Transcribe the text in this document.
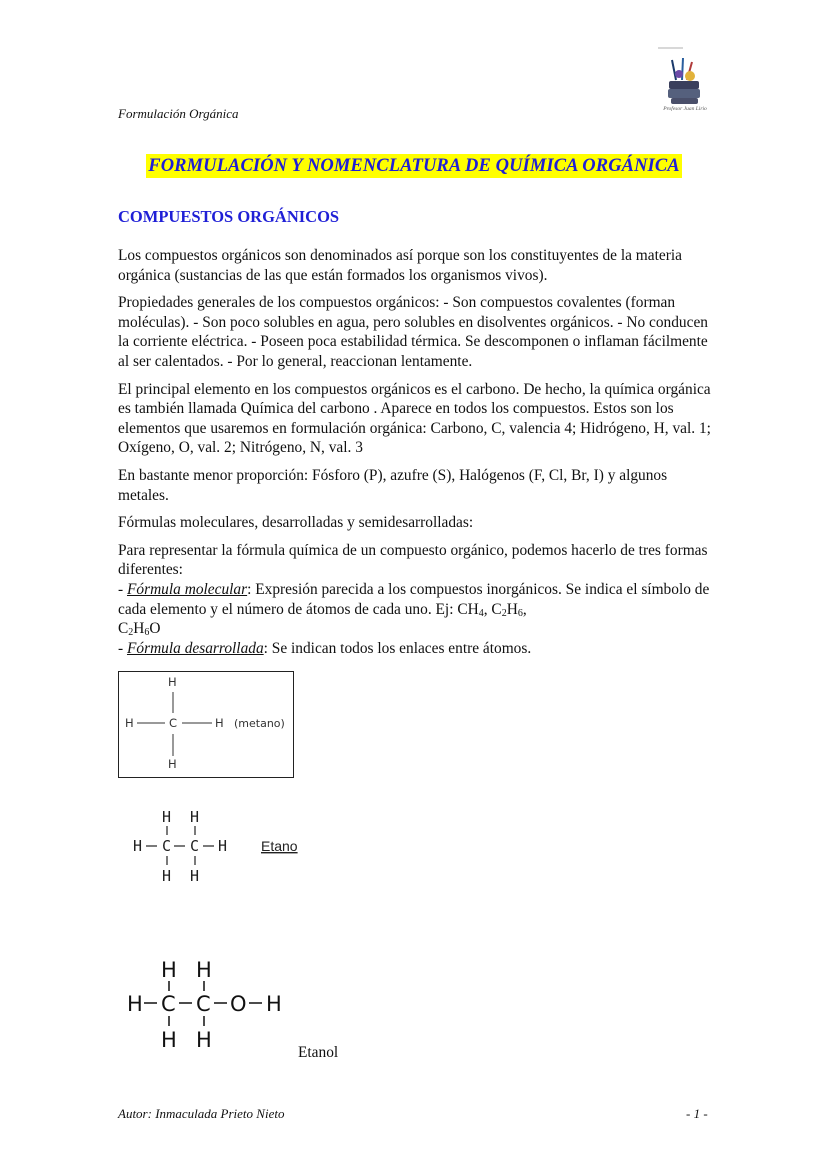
Formulación Orgánica	Profesor Juan Lirio
FORMULACIÓN Y NOMENCLATURA DE QUÍMICA ORGÁNICA
COMPUESTOS ORGÁNICOS

Los compuestos orgánicos son denominados así porque son los constituyentes de la materia orgánica (sustancias de las que están formados los organismos vivos).

Propiedades generales de los compuestos orgánicos: - Son compuestos covalentes (forman moléculas). - Son poco solubles en agua, pero solubles en disolventes orgánicos. - No conducen la corriente eléctrica. - Poseen poca estabilidad térmica. Se descomponen o inflaman fácilmente al ser calentados. - Por lo general, reaccionan lentamente.

El principal elemento en los compuestos orgánicos es el carbono. De hecho, la química orgánica es también llamada Química del carbono . Aparece en todos los compuestos. Estos son los elementos que usaremos en formulación orgánica: Carbono, C, valencia 4; Hidrógeno, H, val. 1; Oxígeno, O, val. 2; Nitrógeno, N, val. 3

En bastante menor proporción: Fósforo (P), azufre (S), Halógenos (F, Cl, Br, I) y algunos metales.

Fórmulas moleculares, desarrolladas y semidesarrolladas:

Para representar la fórmula química de un compuesto orgánico, podemos hacerlo de tres formas diferentes:

- Fórmula molecular: Expresión parecida a los compuestos inorgánicos. Se indica el símbolo de cada elemento y el número de átomos de cada uno. Ej: $CH_4$, $C_2H_6$,
$C_2H_6O$

- Fórmula desarrollada: Se indican todos los enlaces entre átomos.

H
H	C	H
H
(metano)
H H
H C C H
H H
Etano
H H
H C C O H
H H
Etanol
Autor: Inmaculada Prieto Nieto	- 1 -
